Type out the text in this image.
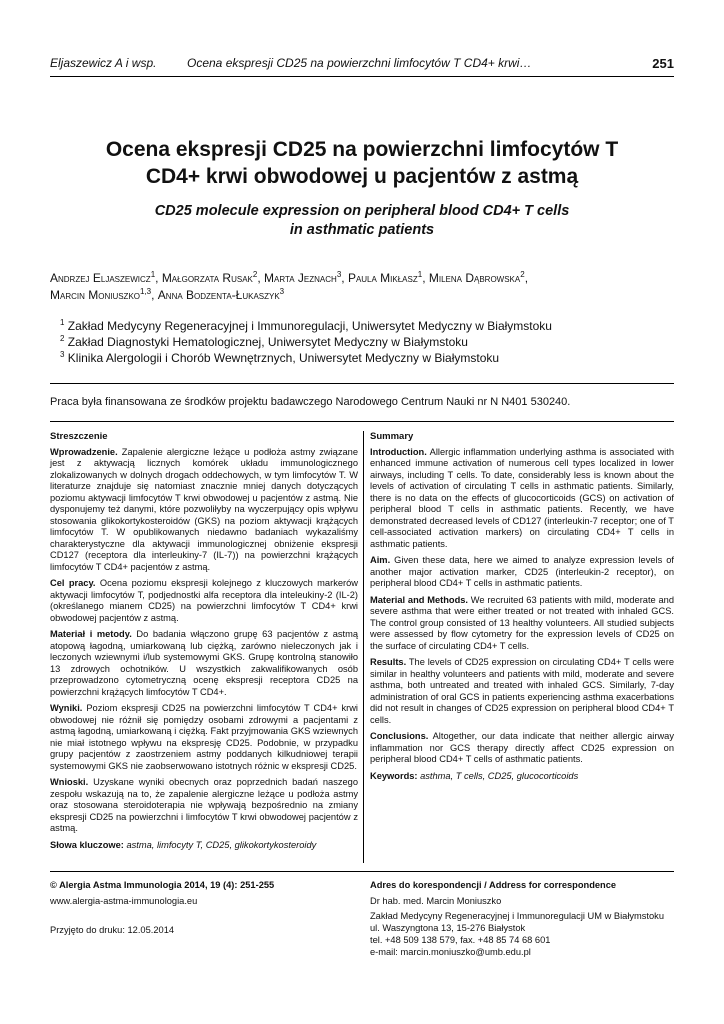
Eljaszewicz A i wsp.	Ocena ekspresji CD25 na powierzchni limfocytów T CD4+ krwi…	251
Ocena ekspresji CD25 na powierzchni limfocytów T
CD4+ krwi obwodowej u pacjentów z astmą
CD25 molecule expression on peripheral blood CD4+ T cells
in asthmatic patients
Andrzej Eljaszewicz$^1$, Małgorzata Rusak$^2$, Marta Jeznach$^3$, Paula Mikłasz$^1$, Milena Dąbrowska$^2$,
Marcin Moniuszko$^{1,3}$, Anna Bodzenta-Łukaszyk$^3$
$^1$ Zakład Medycyny Regeneracyjnej i Immunoregulacji, Uniwersytet Medyczny w Białymstoku
$^2$ Zakład Diagnostyki Hematologicznej, Uniwersytet Medyczny w Białymstoku
$^3$ Klinika Alergologii i Chorób Wewnętrznych, Uniwersytet Medyczny w Białymstoku
Praca była finansowana ze środków projektu badawczego Narodowego Centrum Nauki nr N N401 530240.
Streszczenie

Wprowadzenie. Zapalenie alergiczne leżące u podłoża astmy związane jest z aktywacją licznych komórek układu immunologicznego zlokalizowanych w dolnych drogach oddechowych, w tym limfocytów T. W literaturze znajduje się natomiast znacznie mniej danych dotyczących poziomu aktywacji limfocytów T krwi obwodowej u pacjentów z astmą. Nie dysponujemy też danymi, które pozwoliłyby na wyczerpujący opis wpływu stosowania glikokortykosteroidów (GKS) na poziom aktywacji krążących limfocytów T. W opublikowanych niedawno badaniach wykazaliśmy charakterystyczne dla aktywacji immunologicznej obniżenie ekspresji CD127 (receptora dla interleukiny-7 (IL-7)) na powierzchni krążących limfocytów T CD4+ pacjentów z astmą.

Cel pracy. Ocena poziomu ekspresji kolejnego z kluczowych markerów aktywacji limfocytów T, podjednostki alfa receptora dla inteleukiny-2 (IL-2) (określanego mianem CD25) na powierzchni limfocytów T CD4+ krwi obwodowej pacjentów z astmą.

Materiał i metody. Do badania włączono grupę 63 pacjentów z astmą atopową łagodną, umiarkowaną lub ciężką, zarówno nieleczonych jak i leczonych wziewnymi i/lub systemowymi GKS. Grupę kontrolną stanowiło 13 zdrowych ochotników. U wszystkich zakwalifikowanych osób przeprowadzono cytometryczną ocenę ekspresji receptora CD25 na powierzchni krążących limfocytów T CD4+.

Wyniki. Poziom ekspresji CD25 na powierzchni limfocytów T CD4+ krwi obwodowej nie różnił się pomiędzy osobami zdrowymi a pacjentami z astmą łagodną, umiarkowaną i ciężką. Fakt przyjmowania GKS wziewnych nie miał istotnego wpływu na ekspresję CD25. Podobnie, w przypadku grupy pacjentów z zaostrzeniem astmy poddanych kilkudniowej terapii systemowymi GKS nie zaobserwowano istotnych różnic w ekspresji CD25.

Wnioski. Uzyskane wyniki obecnych oraz poprzednich badań naszego zespołu wskazują na to, że zapalenie alergiczne leżące u podłoża astmy oraz stosowana steroidoterapia nie wpływają bezpośrednio na zmiany ekspresji CD25 na powierzchni i limfocytów T krwi obwodowej pacjentów z astmą.

Słowa kluczowe: astma, limfocyty T, CD25, glikokortykosteroidy

Summary

Introduction. Allergic inflammation underlying asthma is associated with enhanced immune activation of numerous cell types localized in lower airways, including T cells. To date, considerably less is known about the levels of activation of circulating T cells in asthmatic patients. Similarly, there is no data on the effects of glucocorticoids (GCS) on activation of peripheral blood T cells in asthmatic patients. Recently, we have demonstrated decreased levels of CD127 (interleukin-7 receptor; one of T cell-associated activation markers) on circulating CD4+ T cells in asthmatic patients.

Aim. Given these data, here we aimed to analyze expression levels of another major activation marker, CD25 (interleukin-2 receptor), on peripheral blood CD4+ T cells in asthmatic patients.

Material and Methods. We recruited 63 patients with mild, moderate and severe asthma that were either treated or not treated with inhaled GCS. The control group consisted of 13 healthy volunteers. All studied subjects were assessed by flow cytometry for the expression levels of CD25 on the surface of circulating CD4+ T cells.

Results. The levels of CD25 expression on circulating CD4+ T cells were similar in healthy volunteers and patients with mild, moderate and severe asthma, both untreated and treated with inhaled GCS. Similarly, 7-day administration of oral GCS in patients experiencing asthma exacerbations did not result in changes of CD25 expression on peripheral blood CD4+ T cells.

Conclusions. Altogether, our data indicate that neither allergic airway inflammation nor GCS therapy directly affect CD25 expression on peripheral blood CD4+ T cells of asthmatic patients.

Keywords: asthma, T cells, CD25, glucocorticoids

© Alergia Astma Immunologia 2014, 19 (4): 251-255
www.alergia-astma-immunologia.eu
Przyjęto do druku: 12.05.2014
Adres do korespondencji / Address for correspondence
Dr hab. med. Marcin Moniuszko
Zakład Medycyny Regeneracyjnej i Immunoregulacji UM w Białymstoku
ul. Waszyngtona 13, 15-276 Białystok
tel. +48 509 138 579, fax. +48 85 74 68 601
e-mail: marcin.moniuszko@umb.edu.pl
